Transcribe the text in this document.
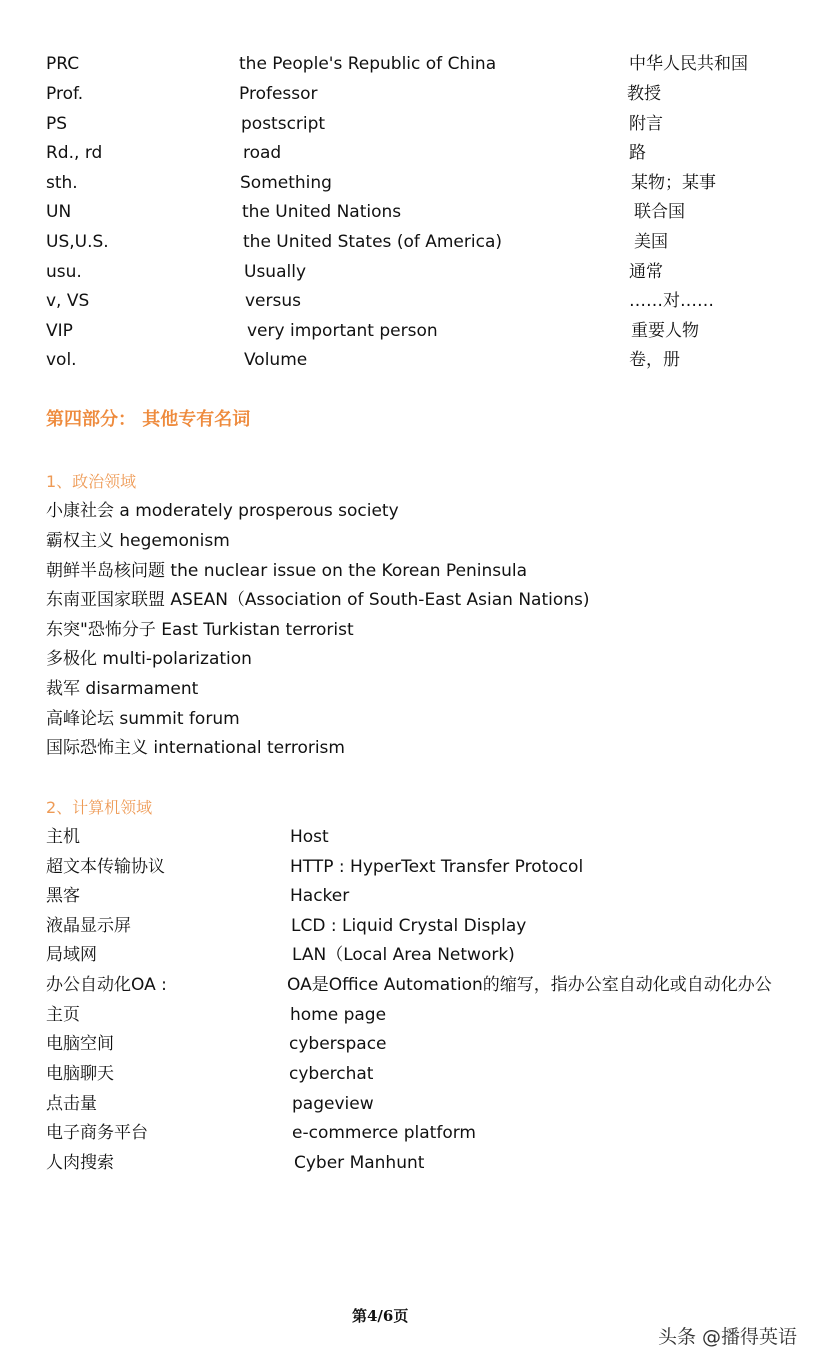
PRC	the People's Republic of China	中华人民共和国
Prof.	Professor	教授
PS	postscript	附言
Rd., rd	road	路
sth.	Something	某物；某事
UN	the United Nations	联合国
US,U.S.	the United States (of America)	美国
usu.	Usually	通常
v, VS	versus	……对……
VIP	very important person	重要人物
vol.	Volume	卷，册
第四部分： 其他专有名词
1、政治领域
小康社会 a moderately prosperous society
霸权主义 hegemonism
朝鲜半岛核问题 the nuclear issue on the Korean Peninsula
东南亚国家联盟 ASEAN（Association of South-East Asian Nations)
东突"恐怖分子 East Turkistan terrorist
多极化 multi-polarization
裁军 disarmament
高峰论坛 summit forum
国际恐怖主义 international terrorism
2、计算机领域
主机	Host
超文本传输协议	HTTP : HyperText Transfer Protocol
黑客	Hacker
液晶显示屏	LCD : Liquid Crystal Display
局域网	LAN（Local Area Network)
办公自动化OA :	OA是Office Automation的缩写，指办公室自动化或自动化办公
主页	home page
电脑空间	cyberspace
电脑聊天	cyberchat
点击量	pageview
电子商务平台	e-commerce platform
人肉搜索	Cyber Manhunt
第4/6页
头条 @播得英语
